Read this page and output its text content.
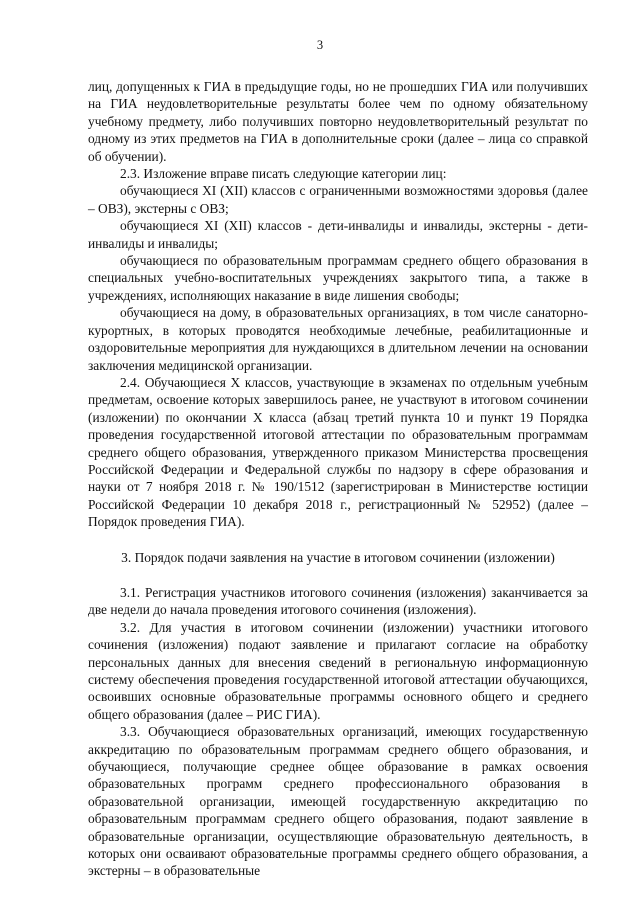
3

лиц, допущенных к ГИА в предыдущие годы, но не прошедших ГИА или получивших на ГИА неудовлетворительные результаты более чем по одному обязательному учебному предмету, либо получивших повторно неудовлетворительный результат по одному из этих предметов на ГИА в дополнительные сроки (далее – лица со справкой об обучении).

2.3. Изложение вправе писать следующие категории лиц:

обучающиеся XI (XII) классов с ограниченными возможностями здоровья (далее – ОВЗ), экстерны с ОВЗ;

обучающиеся XI (XII) классов - дети-инвалиды и инвалиды, экстерны - дети-инвалиды и инвалиды;

обучающиеся по образовательным программам среднего общего образования в специальных учебно-воспитательных учреждениях закрытого типа, а также в учреждениях, исполняющих наказание в виде лишения свободы;

обучающиеся на дому, в образовательных организациях, в том числе санаторно-курортных, в которых проводятся необходимые лечебные, реабилитационные и оздоровительные мероприятия для нуждающихся в длительном лечении на основании заключения медицинской организации.

2.4. Обучающиеся X классов, участвующие в экзаменах по отдельным учебным предметам, освоение которых завершилось ранее, не участвуют в итоговом сочинении (изложении) по окончании X класса (абзац третий пункта 10 и пункт 19 Порядка проведения государственной итоговой аттестации по образовательным программам среднего общего образования, утвержденного приказом Министерства просвещения Российской Федерации и Федеральной службы по надзору в сфере образования и науки от 7 ноября 2018 г. № 190/1512 (зарегистрирован в Министерстве юстиции Российской Федерации 10 декабря 2018 г., регистрационный № 52952) (далее – Порядок проведения ГИА).

3. Порядок подачи заявления на участие в итоговом сочинении (изложении)

3.1. Регистрация участников итогового сочинения (изложения) заканчивается за две недели до начала проведения итогового сочинения (изложения).

3.2. Для участия в итоговом сочинении (изложении) участники итогового сочинения (изложения) подают заявление и прилагают согласие на обработку персональных данных для внесения сведений в региональную информационную систему обеспечения проведения государственной итоговой аттестации обучающихся, освоивших основные образовательные программы основного общего и среднего общего образования (далее – РИС ГИА).

3.3. Обучающиеся образовательных организаций, имеющих государственную аккредитацию по образовательным программам среднего общего образования, и обучающиеся, получающие среднее общее образование в рамках освоения образовательных программ среднего профессионального образования в образовательной организации, имеющей государственную аккредитацию по образовательным программам среднего общего образования, подают заявление в образовательные организации, осуществляющие образовательную деятельность, в которых они осваивают образовательные программы среднего общего образования, а экстерны – в образовательные
